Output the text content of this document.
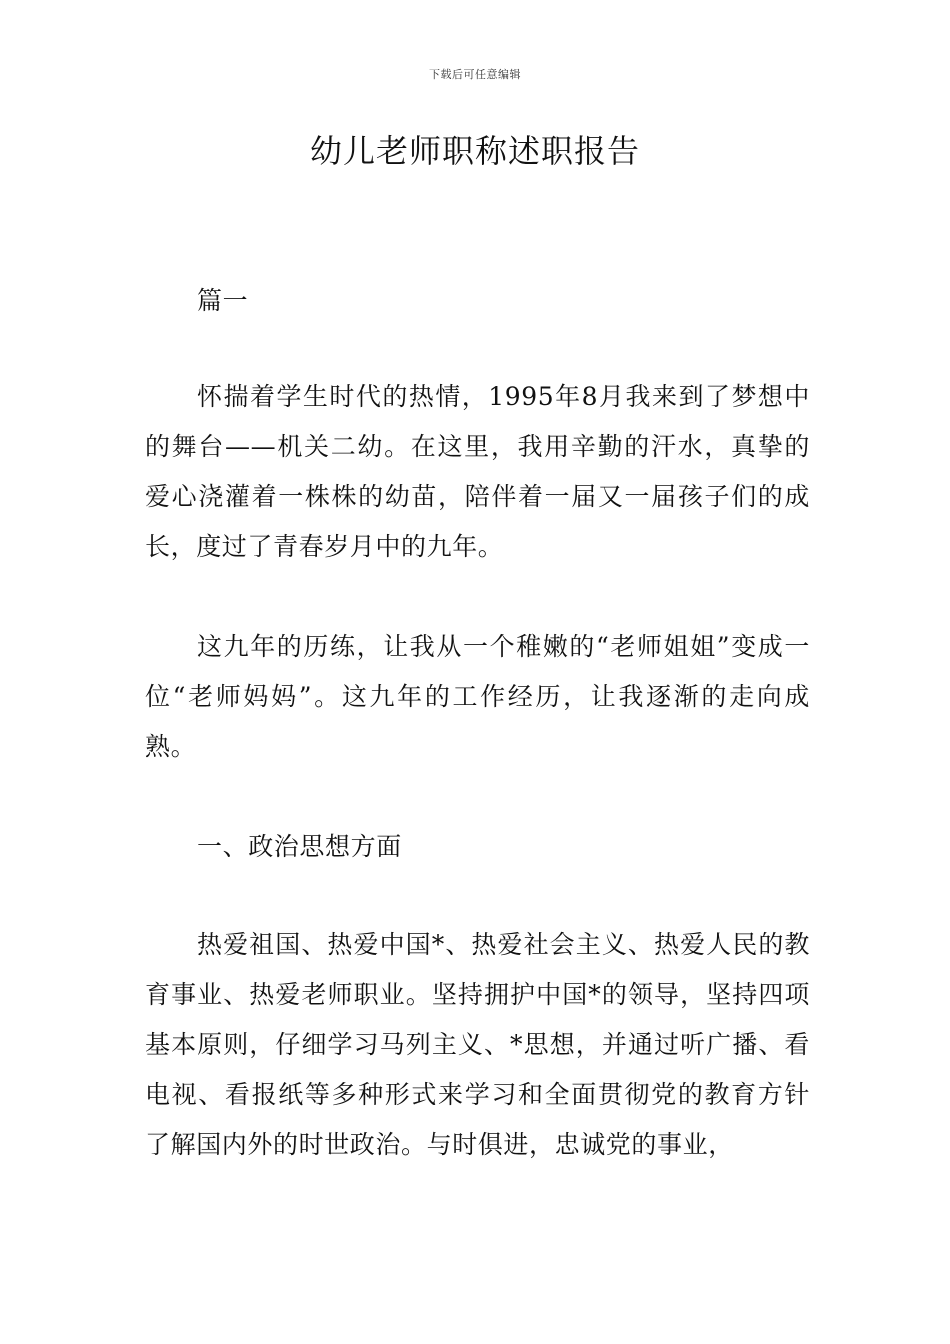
下载后可任意编辑
幼儿老师职称述职报告

篇一

怀揣着学生时代的热情，1995年8月我来到了梦想中的舞台——机关二幼。在这里，我用辛勤的汗水，真挚的爱心浇灌着一株株的幼苗，陪伴着一届又一届孩子们的成长，度过了青春岁月中的九年。

这九年的历练，让我从一个稚嫩的“老师姐姐”变成一位“老师妈妈”。这九年的工作经历，让我逐渐的走向成熟。

一、政治思想方面

热爱祖国、热爱中国*、热爱社会主义、热爱人民的教育事业、热爱老师职业。坚持拥护中国*的领导，坚持四项基本原则，仔细学习马列主义、*思想，并通过听广播、看电视、看报纸等多种形式来学习和全面贯彻党的教育方针了解国内外的时世政治。与时俱进，忠诚党的事业，
